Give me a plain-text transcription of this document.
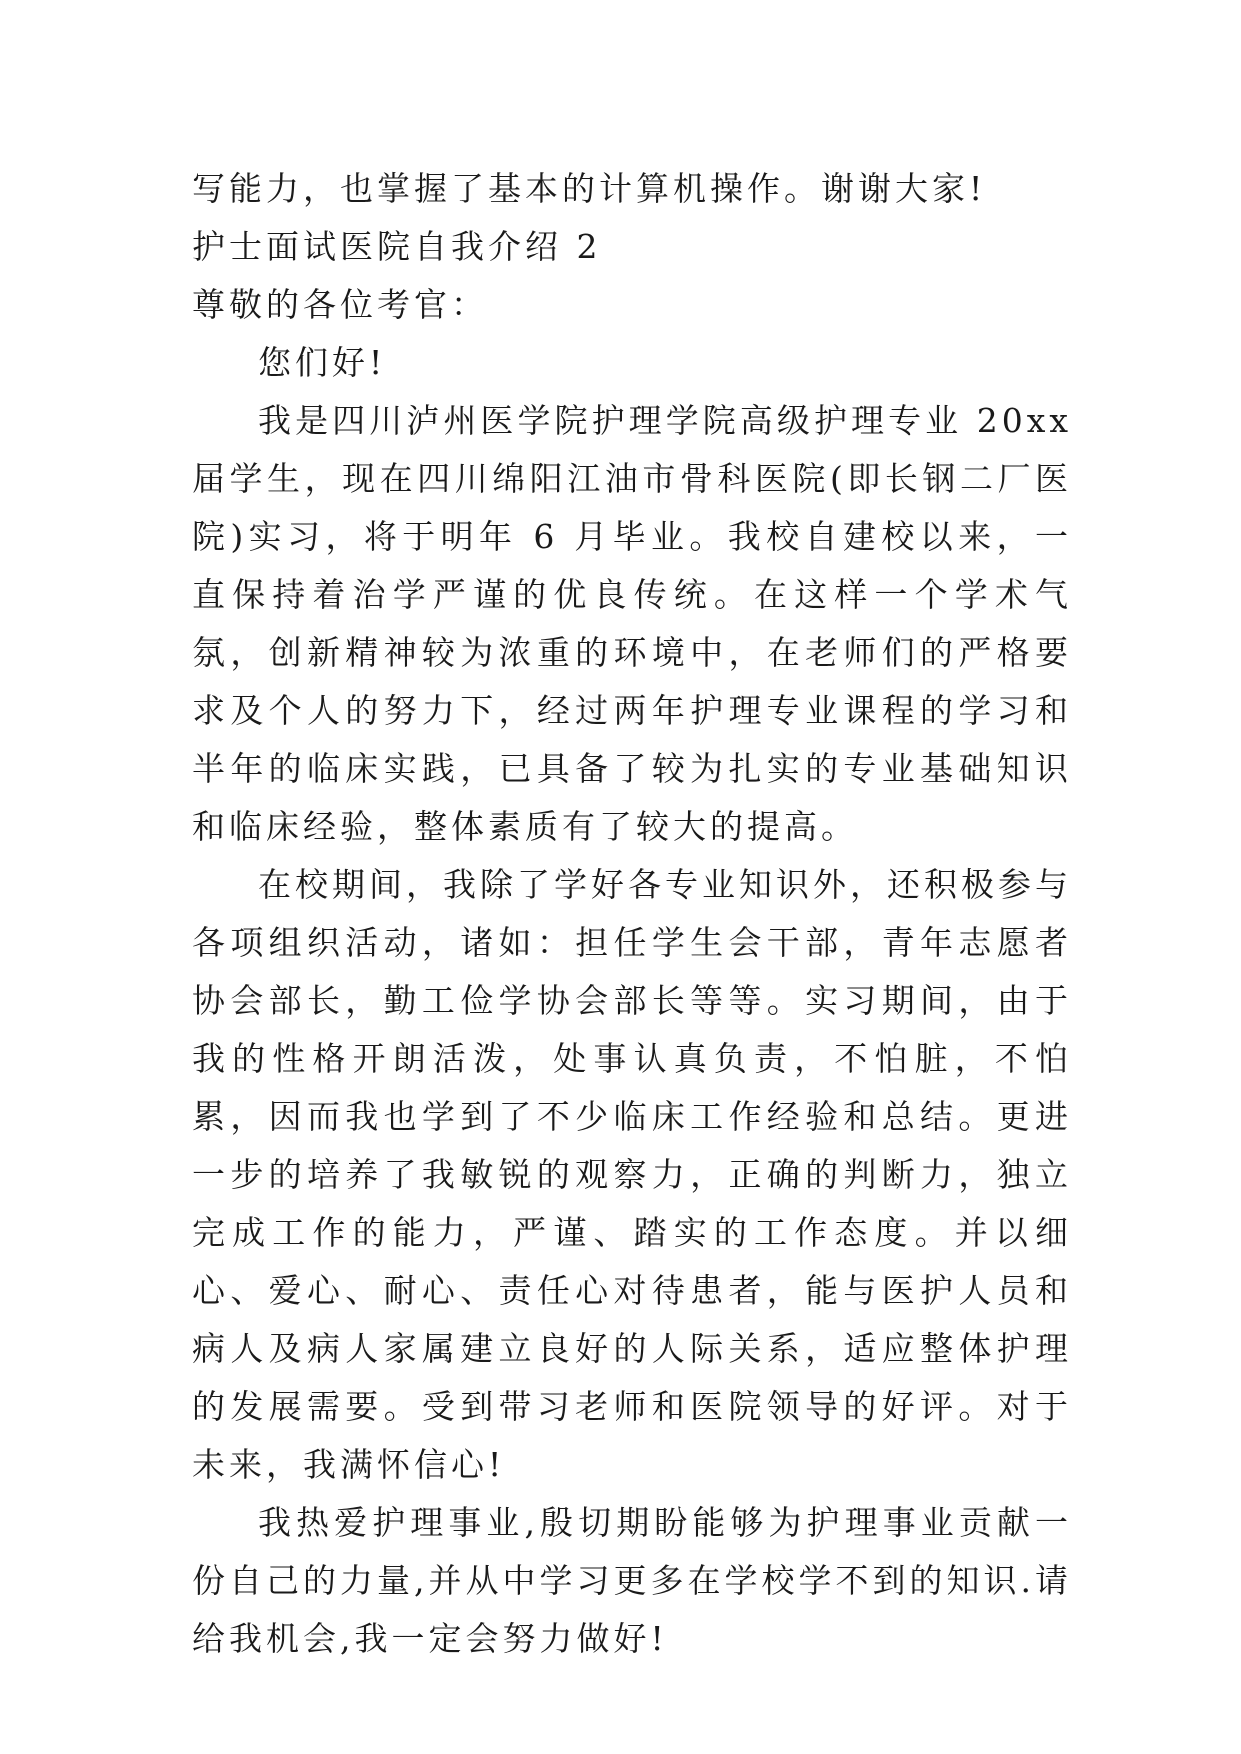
写能力，也掌握了基本的计算机操作。谢谢大家!
护士面试医院自我介绍 2
尊敬的各位考官：
您们好!
我是四川泸州医学院护理学院高级护理专业 20xx 届学生，现在四川绵阳江油市骨科医院(即长钢二厂医院)实习，将于明年 6 月毕业。我校自建校以来，一直保持着治学严谨的优良传统。在这样一个学术气氛，创新精神较为浓重的环境中，在老师们的严格要求及个人的努力下，经过两年护理专业课程的学习和半年的临床实践，已具备了较为扎实的专业基础知识和临床经验，整体素质有了较大的提高。
在校期间，我除了学好各专业知识外，还积极参与各项组织活动，诸如：担任学生会干部，青年志愿者协会部长，勤工俭学协会部长等等。实习期间，由于我的性格开朗活泼，处事认真负责，不怕脏，不怕累，因而我也学到了不少临床工作经验和总结。更进一步的培养了我敏锐的观察力，正确的判断力，独立完成工作的能力，严谨、踏实的工作态度。并以细心、爱心、耐心、责任心对待患者，能与医护人员和病人及病人家属建立良好的人际关系，适应整体护理的发展需要。受到带习老师和医院领导的好评。对于未来，我满怀信心!
我热爱护理事业,殷切期盼能够为护理事业贡献一份自己的力量,并从中学习更多在学校学不到的知识.请给我机会,我一定会努力做好!
